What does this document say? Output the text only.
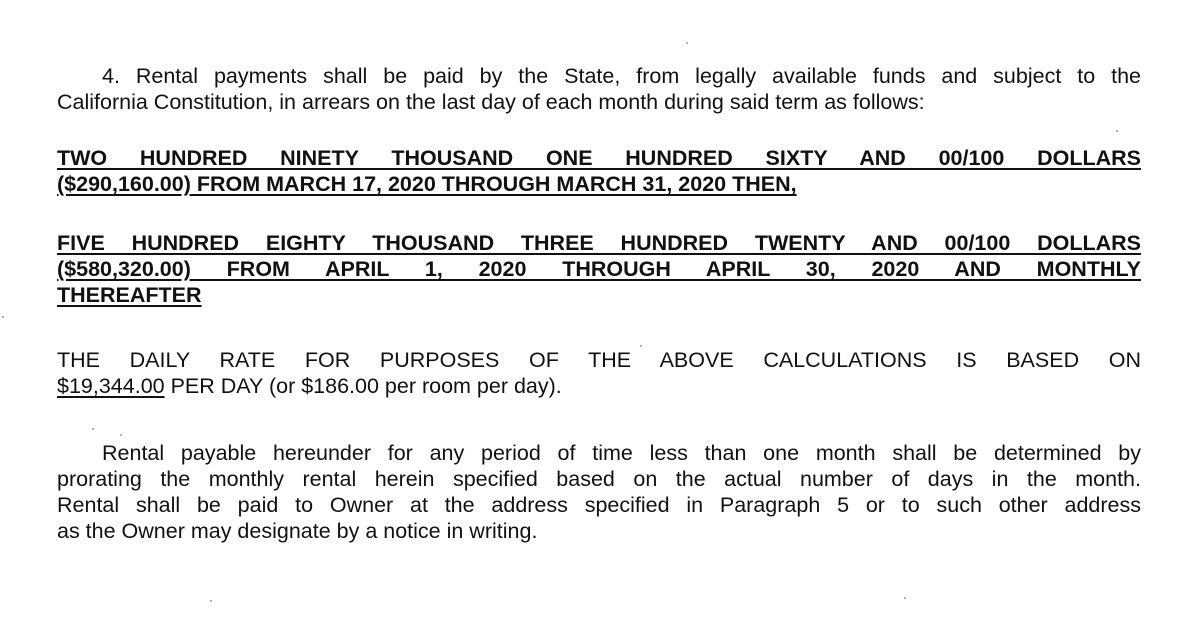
4. Rental payments shall be paid by the State, from legally available funds and subject to the
California Constitution, in arrears on the last day of each month during said term as follows:

TWO HUNDRED NINETY THOUSAND ONE HUNDRED SIXTY AND 00/100 DOLLARS
($290,160.00) FROM MARCH 17, 2020 THROUGH MARCH 31, 2020 THEN,

FIVE HUNDRED EIGHTY THOUSAND THREE HUNDRED TWENTY AND 00/100 DOLLARS
($580,320.00) FROM APRIL 1, 2020 THROUGH APRIL 30, 2020 AND MONTHLY
THEREAFTER

THE DAILY RATE FOR PURPOSES OF THE ABOVE CALCULATIONS IS BASED ON
$19,344.00 PER DAY (or $186.00 per room per day).

Rental payable hereunder for any period of time less than one month shall be determined by
prorating the monthly rental herein specified based on the actual number of days in the month.
Rental shall be paid to Owner at the address specified in Paragraph 5 or to such other address
as the Owner may designate by a notice in writing.
